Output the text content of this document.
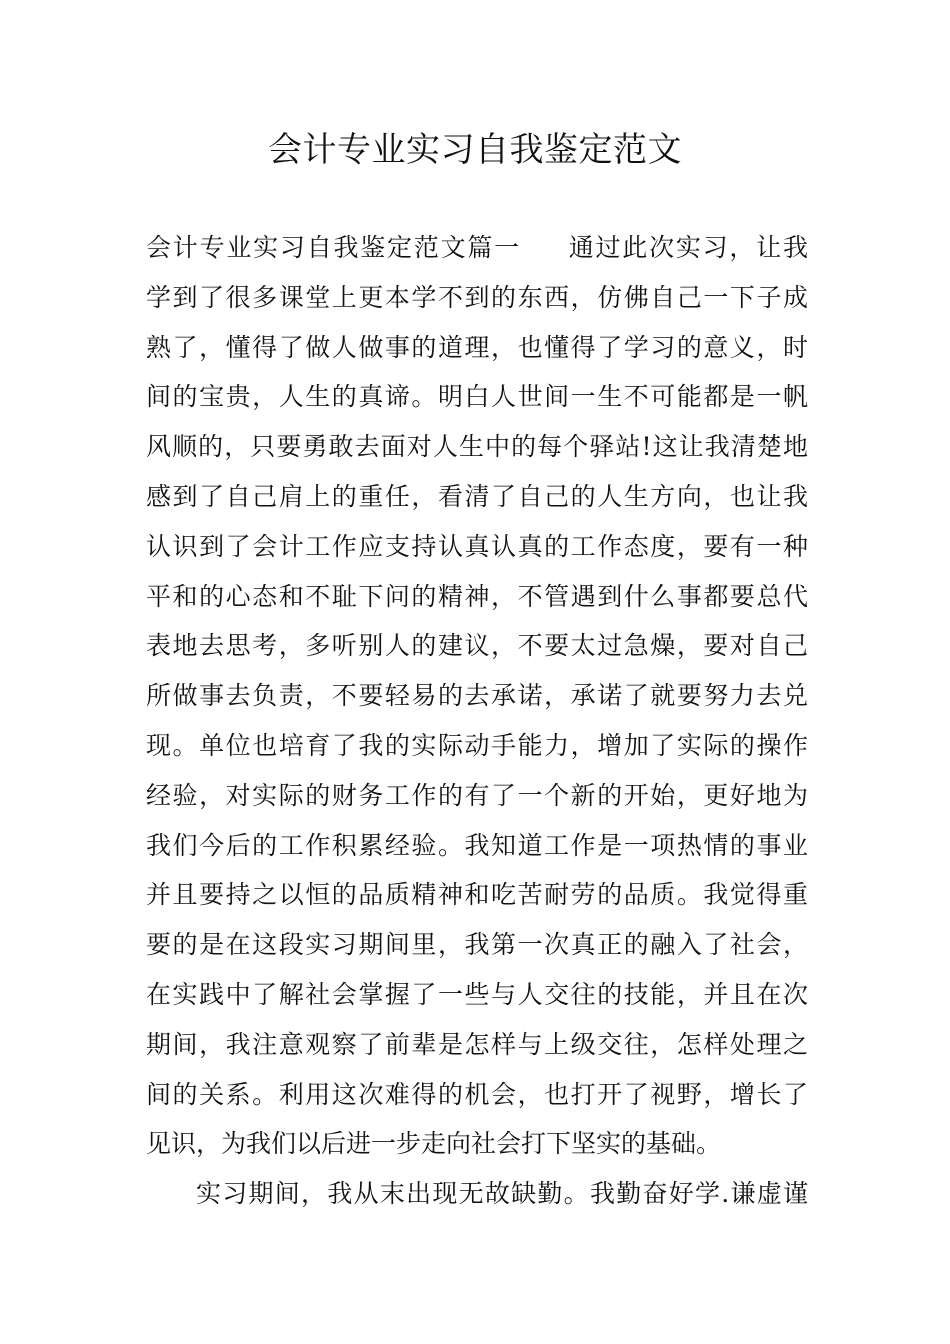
会计专业实习自我鉴定范文
会计专业实习自我鉴定范文篇一 通过此次实习，让我
学到了很多课堂上更本学不到的东西，仿佛自己一下子成
熟了，懂得了做人做事的道理，也懂得了学习的意义，时
间的宝贵，人生的真谛。明白人世间一生不可能都是一帆
风顺的，只要勇敢去面对人生中的每个驿站!这让我清楚地
感到了自己肩上的重任，看清了自己的人生方向，也让我
认识到了会计工作应支持认真认真的工作态度，要有一种
平和的心态和不耻下问的精神，不管遇到什么事都要总代
表地去思考，多听别人的建议，不要太过急燥，要对自己
所做事去负责，不要轻易的去承诺，承诺了就要努力去兑
现。单位也培育了我的实际动手能力，增加了实际的操作
经验，对实际的财务工作的有了一个新的开始，更好地为
我们今后的工作积累经验。我知道工作是一项热情的事业
并且要持之以恒的品质精神和吃苦耐劳的品质。我觉得重
要的是在这段实习期间里，我第一次真正的融入了社会，
在实践中了解社会掌握了一些与人交往的技能，并且在次
期间，我注意观察了前辈是怎样与上级交往，怎样处理之
间的关系。利用这次难得的机会，也打开了视野，增长了
见识，为我们以后进一步走向社会打下坚实的基础。
实习期间，我从末出现无故缺勤。我勤奋好学.谦虚谨
